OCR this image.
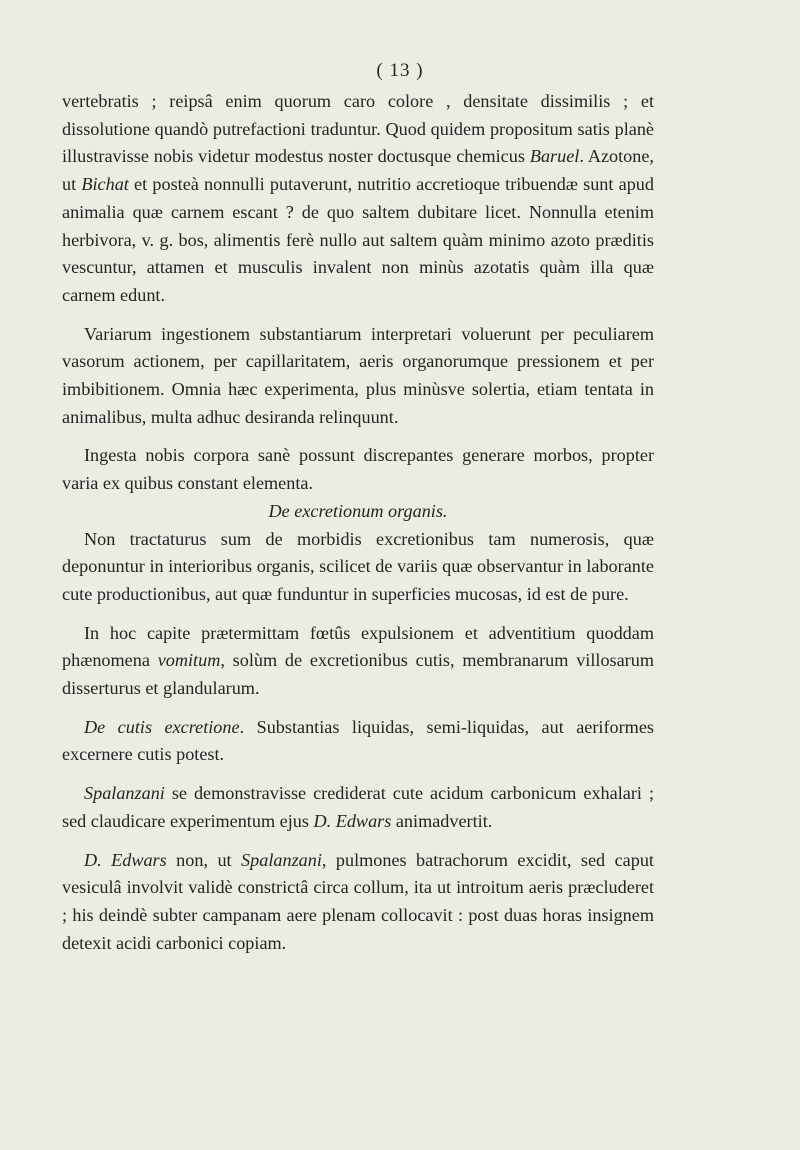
( 13 )

vertebratis ; reipsâ enim quorum caro colore , densitate dissimilis ; et dissolutione quandò putrefactioni traduntur. Quod quidem propositum satis planè illustravisse nobis videtur modestus noster doctusque chemicus Baruel. Azotone, ut Bichat et posteà nonnulli putaverunt, nutritio accretioque tribuendæ sunt apud animalia quæ carnem escant ? de quo saltem dubitare licet. Nonnulla etenim herbivora, v. g. bos, alimentis ferè nullo aut saltem quàm minimo azoto præditis vescuntur, attamen et musculis invalent non minùs azotatis quàm illa quæ carnem edunt.

Variarum ingestionem substantiarum interpretari voluerunt per peculiarem vasorum actionem, per capillaritatem, aeris organorumque pressionem et per imbibitionem. Omnia hæc experimenta, plus minùsve solertia, etiam tentata in animalibus, multa adhuc desiranda relinquunt.

Ingesta nobis corpora sanè possunt discrepantes generare morbos, propter varia ex quibus constant elementa.

De excretionum organis.

Non tractaturus sum de morbidis excretionibus tam numerosis, quæ deponuntur in interioribus organis, scilicet de variis quæ observantur in laborante cute productionibus, aut quæ funduntur in superficies mucosas, id est de pure.

In hoc capite prætermittam fœtûs expulsionem et adventitium quoddam phænomena vomitum, solùm de excretionibus cutis, membranarum villosarum disserturus et glandularum.

De cutis excretione. Substantias liquidas, semi-liquidas, aut aeriformes excernere cutis potest.

Spalanzani se demonstravisse crediderat cute acidum carbonicum exhalari ; sed claudicare experimentum ejus D. Edwars animadvertit.

D. Edwars non, ut Spalanzani, pulmones batrachorum excidit, sed caput vesiculâ involvit validè constrictâ circa collum, ita ut introitum aeris præcluderet ; his deindè subter campanam aere plenam collocavit : post duas horas insignem detexit acidi carbonici copiam.
